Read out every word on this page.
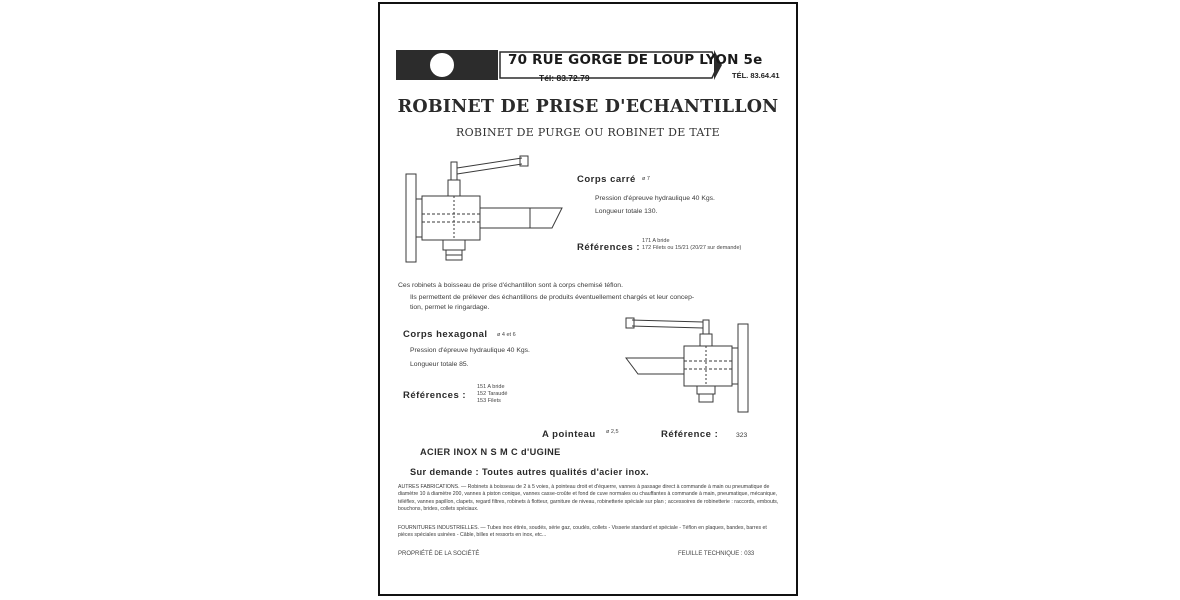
RU C & H OI
70 RUE GORGE DE LOUP LYON 5e
Tél: 83.72.79	TÉL. 83.64.41
ROBINET DE PRISE D'ECHANTILLON
ROBINET DE PURGE OU ROBINET DE TATE
Corps carré ø 7
Pression d'épreuve hydraulique 40 Kgs.
Longueur totale 130.
Références :
171 A bride
172 Filets ou 15/21 (20/27 sur demande)
Ces robinets à boisseau de prise d'échantillon sont à corps chemisé téflon.
Ils permettent de prélever des échantillons de produits éventuellement chargés et leur concep-
tion, permet le ringardage.
Corps hexagonal ø 4 et 6
Pression d'épreuve hydraulique 40 Kgs.
Longueur totale 85.
Références :
151 A bride
152 Taraudé
153 Filets
A pointeau ø 2,5	Référence :	323
ACIER INOX N S M C d'UGINE
Sur demande : Toutes autres qualités d'acier inox.
AUTRES FABRICATIONS. — Robinets à boisseau de 2 à 5 voies, à pointeau droit et d'équerre, vannes à passage direct à commande à main ou pneumatique de diamètre 10 à diamètre 200, vannes à piston conique, vannes casse-croûte et fond de cuve normales ou chauffantes à commande à main, pneumatique, mécanique, téléflex, vannes papillon, clapets, regard filtres, robinets à flotteur, garniture de niveau, robinetterie spéciale sur plan ; accessoires de robinetterie : raccords, embouts, bouchons, brides, collets spéciaux.
FOURNITURES INDUSTRIELLES. — Tubes inox étirés, soudés, série gaz, coudés, collets - Visserie standard et spéciale - Téflon en plaques, bandes, barres et pièces spéciales usinées - Câble, billes et ressorts en inox, etc...
PROPRIÉTÉ DE LA SOCIÉTÉ	FEUILLE TECHNIQUE : 033
